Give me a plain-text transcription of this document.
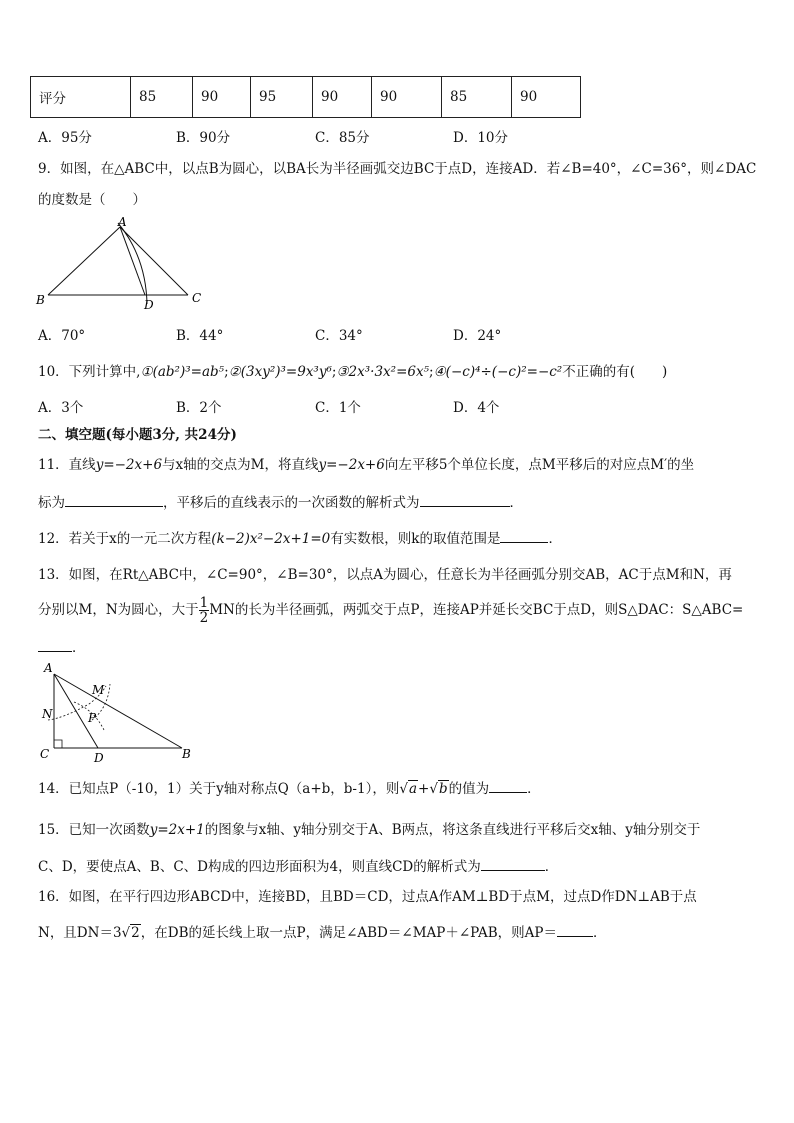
评分	85	90	95	90	90	85	90
A．95分	B．90分	C．85分	D．10分
9．如图，在△ABC中，以点B为圆心，以BA长为半径画弧交边BC于点D，连接AD．若∠B=40°，∠C=36°，则∠DAC
的度数是（　　）
A
B	C
D
A．70°	B．44°	C．34°	D．24°
10．下列计算中,①(ab²)³=ab⁵;②(3xy²)³=9x³y⁶;③2x³·3x²=6x⁵;④(−c)⁴÷(−c)²=−c²不正确的有(　　)
A．3个	B．2个	C．1个	D．4个
二、填空题(每小题3分, 共24分)
11．直线y=−2x+6与x轴的交点为M，将直线y=−2x+6向左平移5个单位长度，点M平移后的对应点M′的坐
标为	，平移后的直线表示的一次函数的解析式为	．
12．若关于x的一元二次方程(k−2)x²−2x+1=0有实数根，则k的取值范围是	．
13．如图，在Rt△ABC中，∠C=90°，∠B=30°，以点A为圆心，任意长为半径画弧分别交AB，AC于点M和N，再
分别以M，N为圆心，大于 $\frac{1}{2}$ MN的长为半径画弧，两弧交于点P，连接AP并延长交BC于点D，则S△DAC：S△ABC=
．
A
M
N	P
C	D	B
14．已知点P（-10，1）关于y轴对称点Q（a+b，b-1），则√a+√b的值为	．
15．已知一次函数y=2x+1的图象与x轴、y轴分别交于A、B两点，将这条直线进行平移后交x轴、y轴分别交于
C、D，要使点A、B、C、D构成的四边形面积为4，则直线CD的解析式为	．
16．如图，在平行四边形ABCD中，连接BD，且BD＝CD，过点A作AM⊥BD于点M，过点D作DN⊥AB于点
N，且DN＝3√2，在DB的延长线上取一点P，满足∠ABD＝∠MAP＋∠PAB，则AP＝	．
